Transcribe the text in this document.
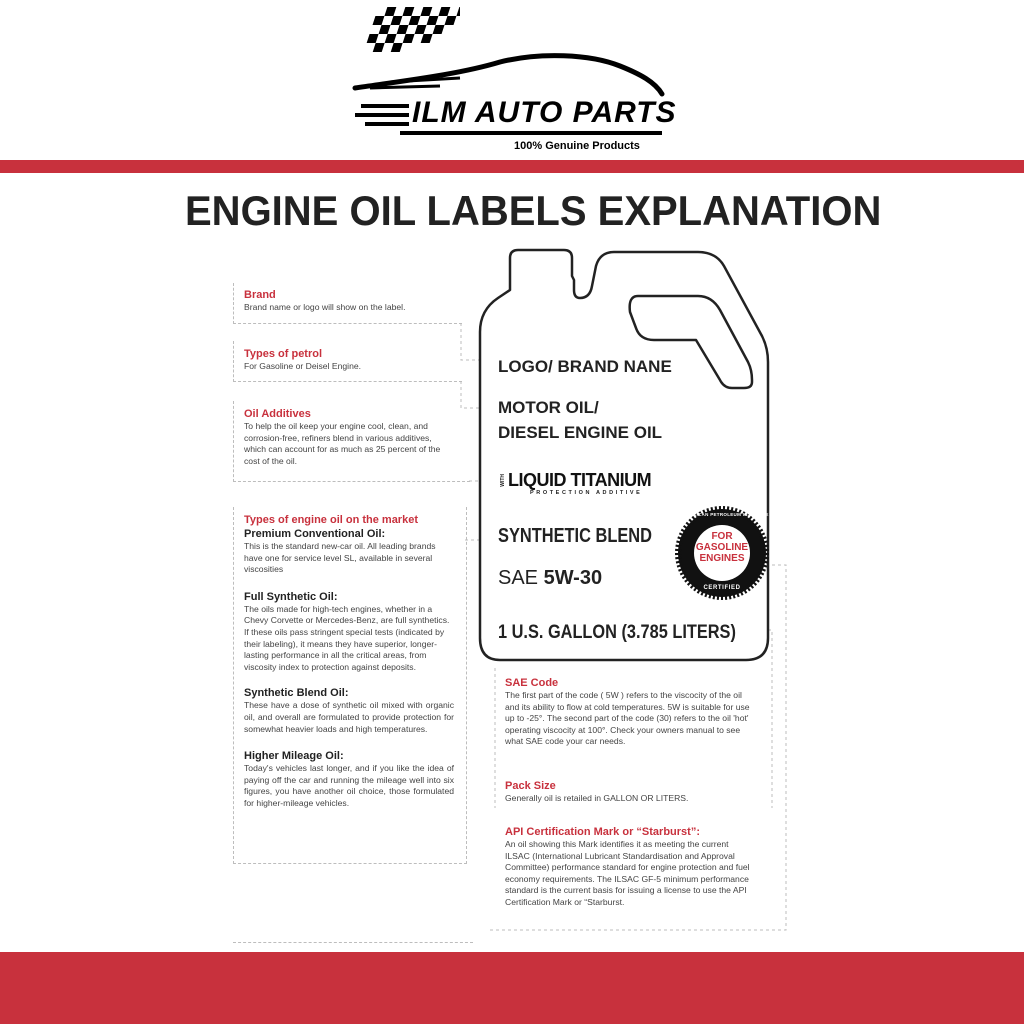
ILM AUTO PARTS
100% Genuine Products
ENGINE OIL LABELS EXPLANATION
Brand
Brand name or logo will show on the label.
Types of petrol
For Gasoline or Deisel Engine.
Oil Additives
To help the oil keep your engine cool, clean, and corrosion-free, refiners blend in various additives, which can account for as much as 25 percent of the cost of the oil.
Types of engine oil on the market
Premium Conventional Oil:
This is the standard new-car oil. All leading brands have one for service level SL, available in several viscosities
Full Synthetic Oil:
The oils made for high-tech engines, whether in a Chevy Corvette or Mercedes-Benz, are full synthetics. If these oils pass stringent special tests (indicated by their labeling), it means they have superior, longer-lasting performance in all the critical areas, from viscosity index to protection against deposits.
Synthetic Blend Oil:
These have a dose of synthetic oil mixed with organic oil, and overall are formulated to provide protection for somewhat heavier loads and high temperatures.
Higher Mileage Oil:
Today's vehicles last longer, and if you like the idea of paying off the car and running the mileage well into six figures, you have another oil choice, those formulated for higher-mileage vehicles.
LOGO/ BRAND NANE
MOTOR OIL/
DIESEL ENGINE OIL
WITH LIQUID TITANIUM
PROTECTION ADDITIVE
SYNTHETIC BLEND
SAE 5W-30
1 U.S. GALLON (3.785 LITERS)
AMERICAN PETROLEUM INSTITUTE
FOR
GASOLINE
ENGINES
CERTIFIED
SAE Code
The first part of the code ( 5W ) refers to the viscocity of the oil and its ability to flow at cold temperatures. 5W is suitable for use up to -25°. The second part of the code (30) refers to the oil 'hot' operating viscocity at 100°. Check your owners manual to see what SAE code your car needs.
Pack Size
Generally oil is retailed in GALLON OR LITERS.
API Certification Mark or “Starburst”:
An oil showing this Mark identifies it as meeting the current ILSAC (International Lubricant Standardisation and Approval Committee) performance standard for engine protection and fuel economy requirements. The ILSAC GF-5 minimum performance standard is the current basis for issuing a license to use the API Certification Mark or “Starburst.
